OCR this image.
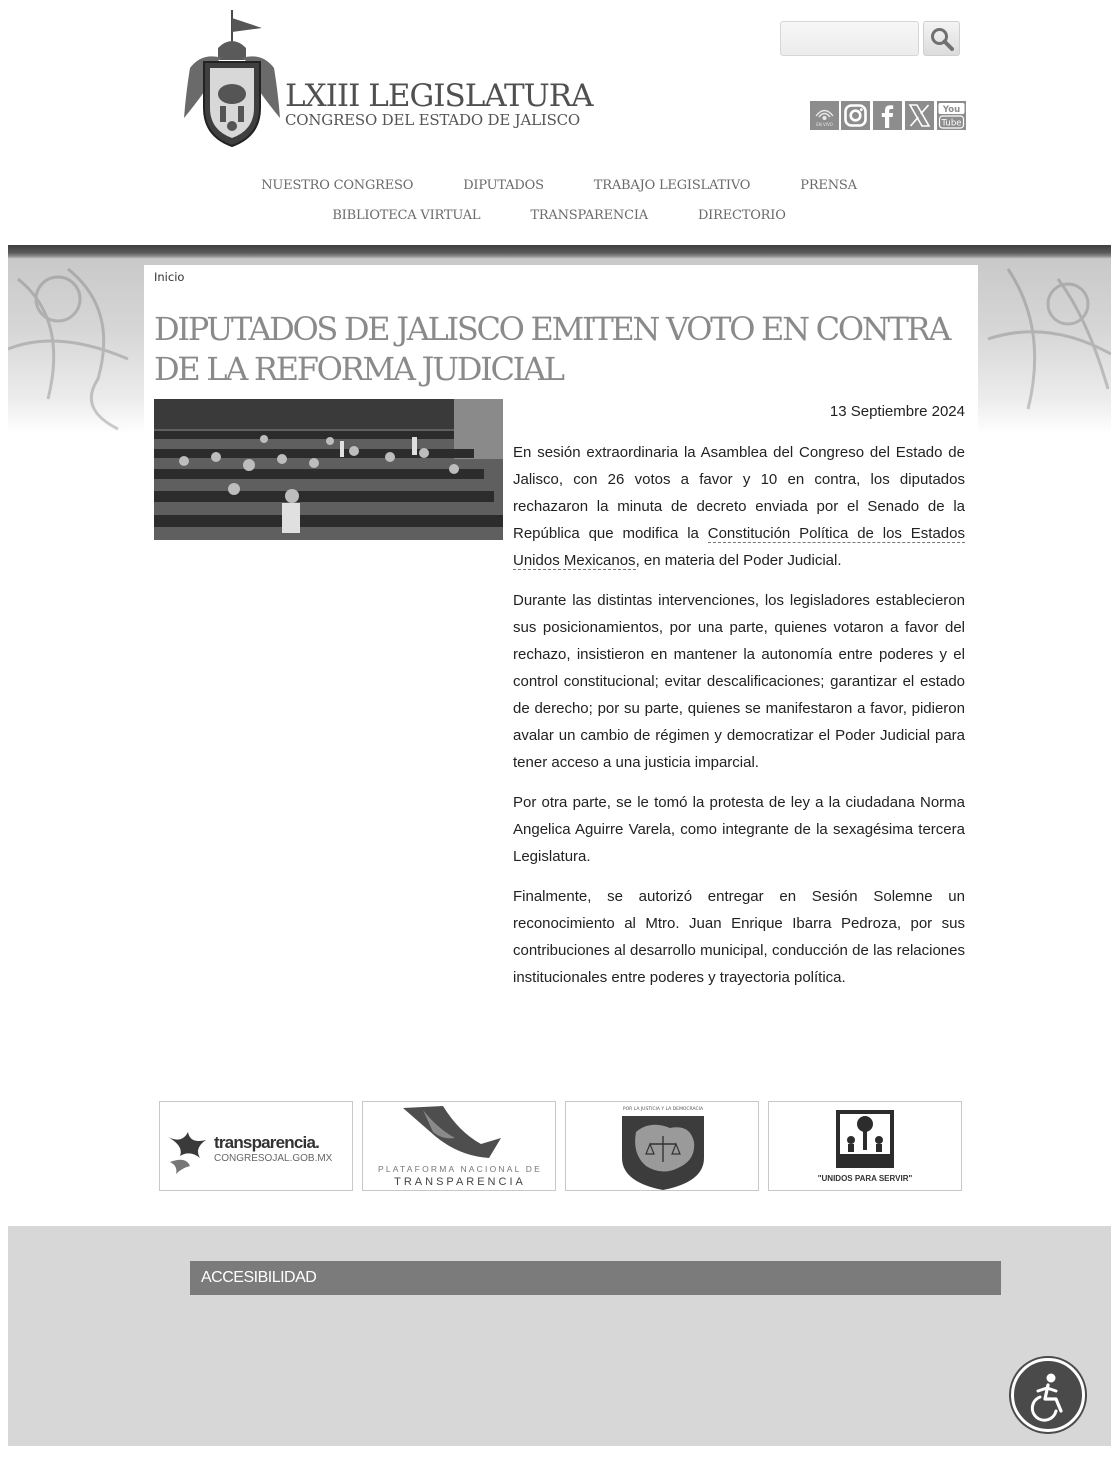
LXIII LEGISLATURA
CONGRESO DEL ESTADO DE JALISCO	EN VIVO
You
Tube
NUESTRO CONGRESO	DIPUTADOS	TRABAJO LEGISLATIVO	PRENSA
BIBLIOTECA VIRTUAL	TRANSPARENCIA	DIRECTORIO
Inicio
DIPUTADOS DE JALISCO EMITEN VOTO EN CONTRA DE LA REFORMA JUDICIAL
13 Septiembre 2024

En sesión extraordinaria la Asamblea del Congreso del Estado de Jalisco, con 26 votos a favor y 10 en contra, los diputados rechazaron la minuta de decreto enviada por el Senado de la República que modifica la Constitución Política de los Estados Unidos Mexicanos, en materia del Poder Judicial.

Durante las distintas intervenciones, los legisladores establecieron sus posicionamientos, por una parte, quienes votaron a favor del rechazo, insistieron en mantener la autonomía entre poderes y el control constitucional; evitar descalificaciones; garantizar el estado de derecho; por su parte, quienes se manifestaron a favor, pidieron avalar un cambio de régimen y democratizar el Poder Judicial para tener acceso a una justicia imparcial.

Por otra parte, se le tomó la protesta de ley a la ciudadana Norma Angelica Aguirre Varela, como integrante de la sexagésima tercera Legislatura.

Finalmente, se autorizó entregar en Sesión Solemne un reconocimiento al Mtro. Juan Enrique Ibarra Pedroza, por sus contribuciones al desarrollo municipal, conducción de las relaciones institucionales entre poderes y trayectoria política.

transparencia.
CONGRESOJAL.GOB.MX
PLATAFORMA NACIONAL DE
TRANSPARENCIA
POR LA JUSTICIA Y LA DEMOCRACIA
"UNIDOS PARA SERVIR"
ACCESIBILIDAD
